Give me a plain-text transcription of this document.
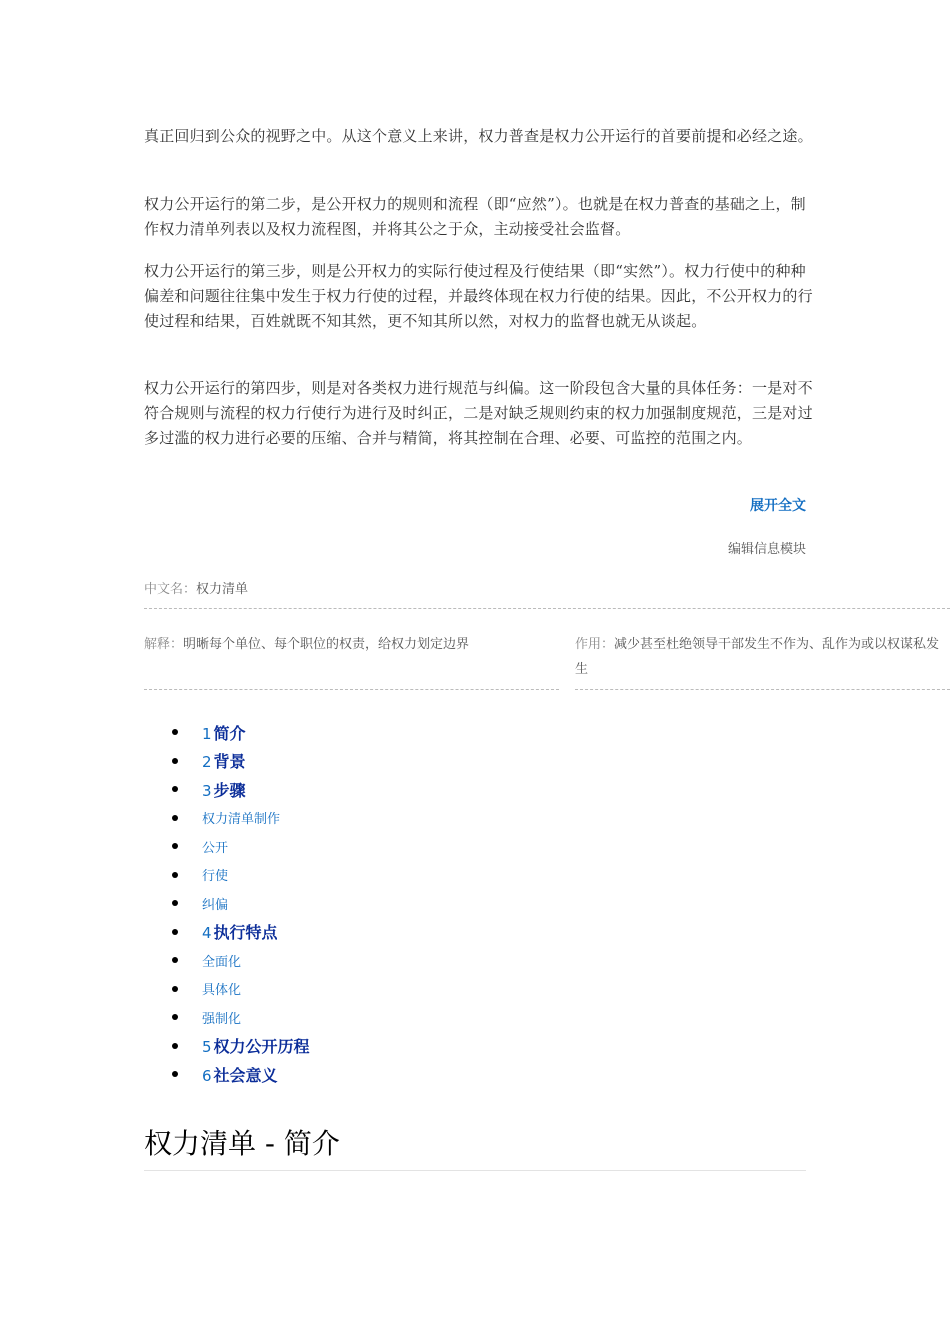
真正回归到公众的视野之中。从这个意义上来讲，权力普查是权力公开运行的首要前提和必经之途。

权力公开运行的第二步，是公开权力的规则和流程（即“应然”）。也就是在权力普查的基础之上，制作权力清单列表以及权力流程图，并将其公之于众，主动接受社会监督。

权力公开运行的第三步，则是公开权力的实际行使过程及行使结果（即“实然”）。权力行使中的种种偏差和问题往往集中发生于权力行使的过程，并最终体现在权力行使的结果。因此，不公开权力的行使过程和结果，百姓就既不知其然，更不知其所以然，对权力的监督也就无从谈起。

权力公开运行的第四步，则是对各类权力进行规范与纠偏。这一阶段包含大量的具体任务：一是对不符合规则与流程的权力行使行为进行及时纠正，二是对缺乏规则约束的权力加强制度规范，三是对过多过滥的权力进行必要的压缩、合并与精简，将其控制在合理、必要、可监控的范围之内。

展开全文
编辑信息模块
中文名：权力清单
解释：明晰每个单位、每个职位的权责，给权力划定边界	作用：减少甚至杜绝领导干部发生不作为、乱作为或以权谋私发生
1 简介
2 背景
3 步骤
权力清单制作
公开
行使
纠偏
4 执行特点
全面化
具体化
强制化
5 权力公开历程
6 社会意义
权力清单 - 简介
